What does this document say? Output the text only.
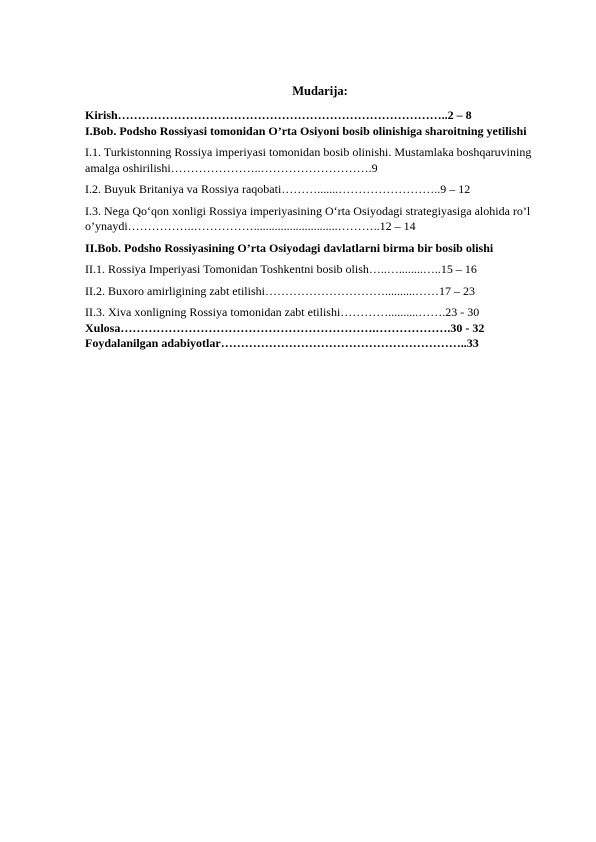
Mudarija:

Kirish………………………………………………………………………..2 – 8

I.Bob. Podsho Rossiyasi tomonidan O’rta Osiyoni bosib olinishiga sharoitning yetilishi

I.1. Turkistonning Rossiya imperiyasi tomonidan bosib olinishi. Mustamlaka boshqaruvining amalga oshirilishi…………………..……………………….9

I.2. Buyuk Britaniya va Rossiya raqobati……….......……………………..9 – 12

I.3. Nega Qo‘qon xonligi Rossiya imperiyasining O‘rta Osiyodagi strategiyasiga alohida ro’l o’ynaydi……………..……………............................………..12 – 14

II.Bob. Podsho Rossiyasining O’rta Osiyodagi davlatlarni birma bir bosib olishi

II.1. Rossiya Imperiyasi Tomonidan Toshkentni bosib olish…..…........…..15 – 16

II.2. Buxoro amirligining zabt etilishi…………………………..........……17 – 23

II.3. Xiva xonligning Rossiya tomonidan zabt etilishi…………..........…….23 - 30

Xulosa……………………………………………………….……………….30 - 32

Foydalanilgan adabiyotlar……………………………………………………..33
